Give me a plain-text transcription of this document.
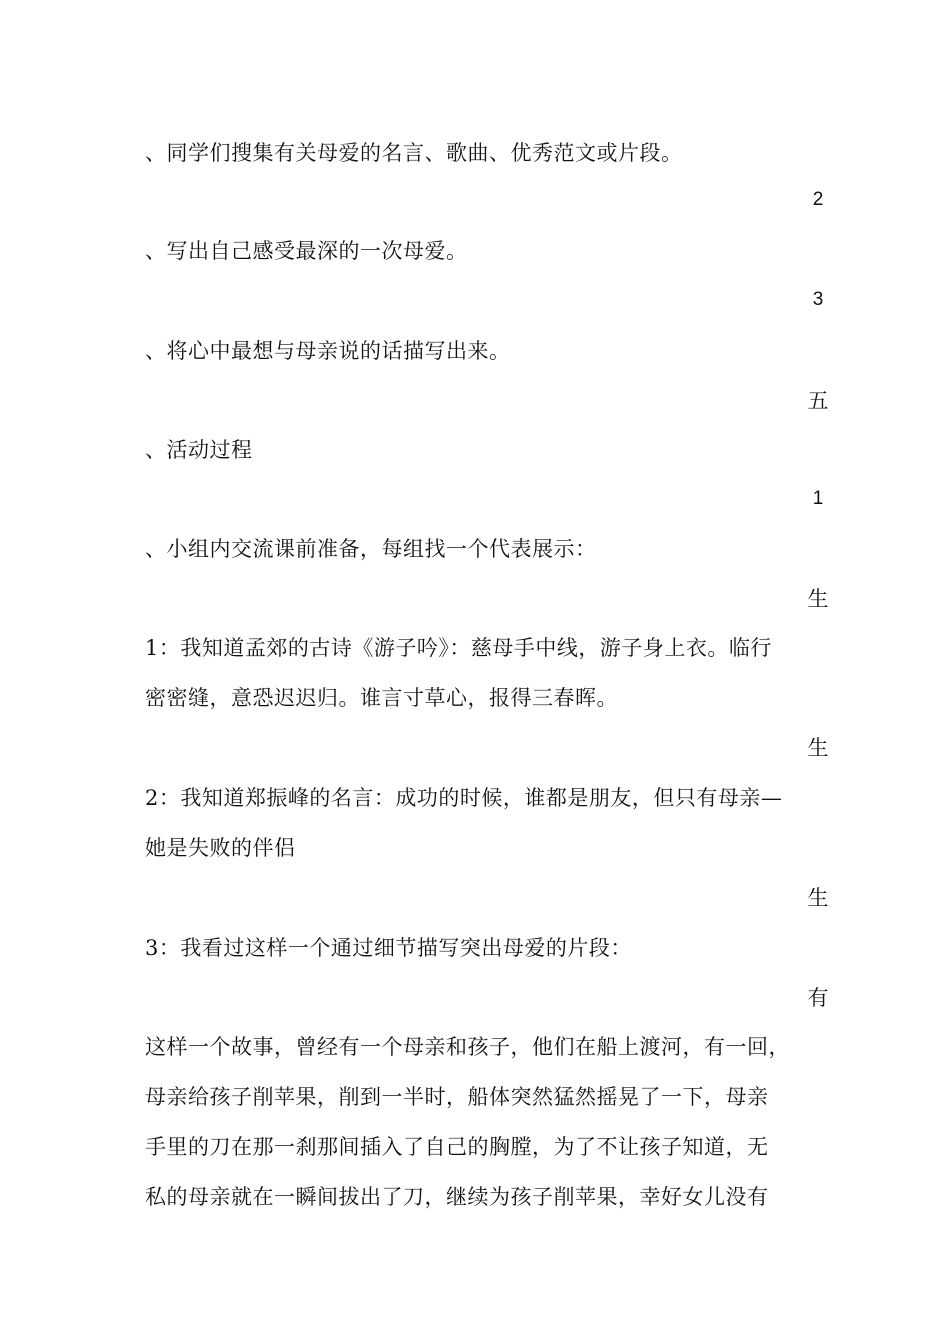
、同学们搜集有关母爱的名言、歌曲、优秀范文或片段。
2
、写出自己感受最深的一次母爱。
3
、将心中最想与母亲说的话描写出来。
五
、活动过程
1
、小组内交流课前准备，每组找一个代表展示：
生
1：我知道孟郊的古诗《游子吟》：慈母手中线，游子身上衣。临行
密密缝，意恐迟迟归。谁言寸草心，报得三春晖。
生
2：我知道郑振峰的名言：成功的时候，谁都是朋友，但只有母亲—
她是失败的伴侣
生
3：我看过这样一个通过细节描写突出母爱的片段：
有
这样一个故事，曾经有一个母亲和孩子，他们在船上渡河，有一回，
母亲给孩子削苹果，削到一半时，船体突然猛然摇晃了一下，母亲
手里的刀在那一刹那间插入了自己的胸膛，为了不让孩子知道，无
私的母亲就在一瞬间拔出了刀，继续为孩子削苹果，幸好女儿没有
